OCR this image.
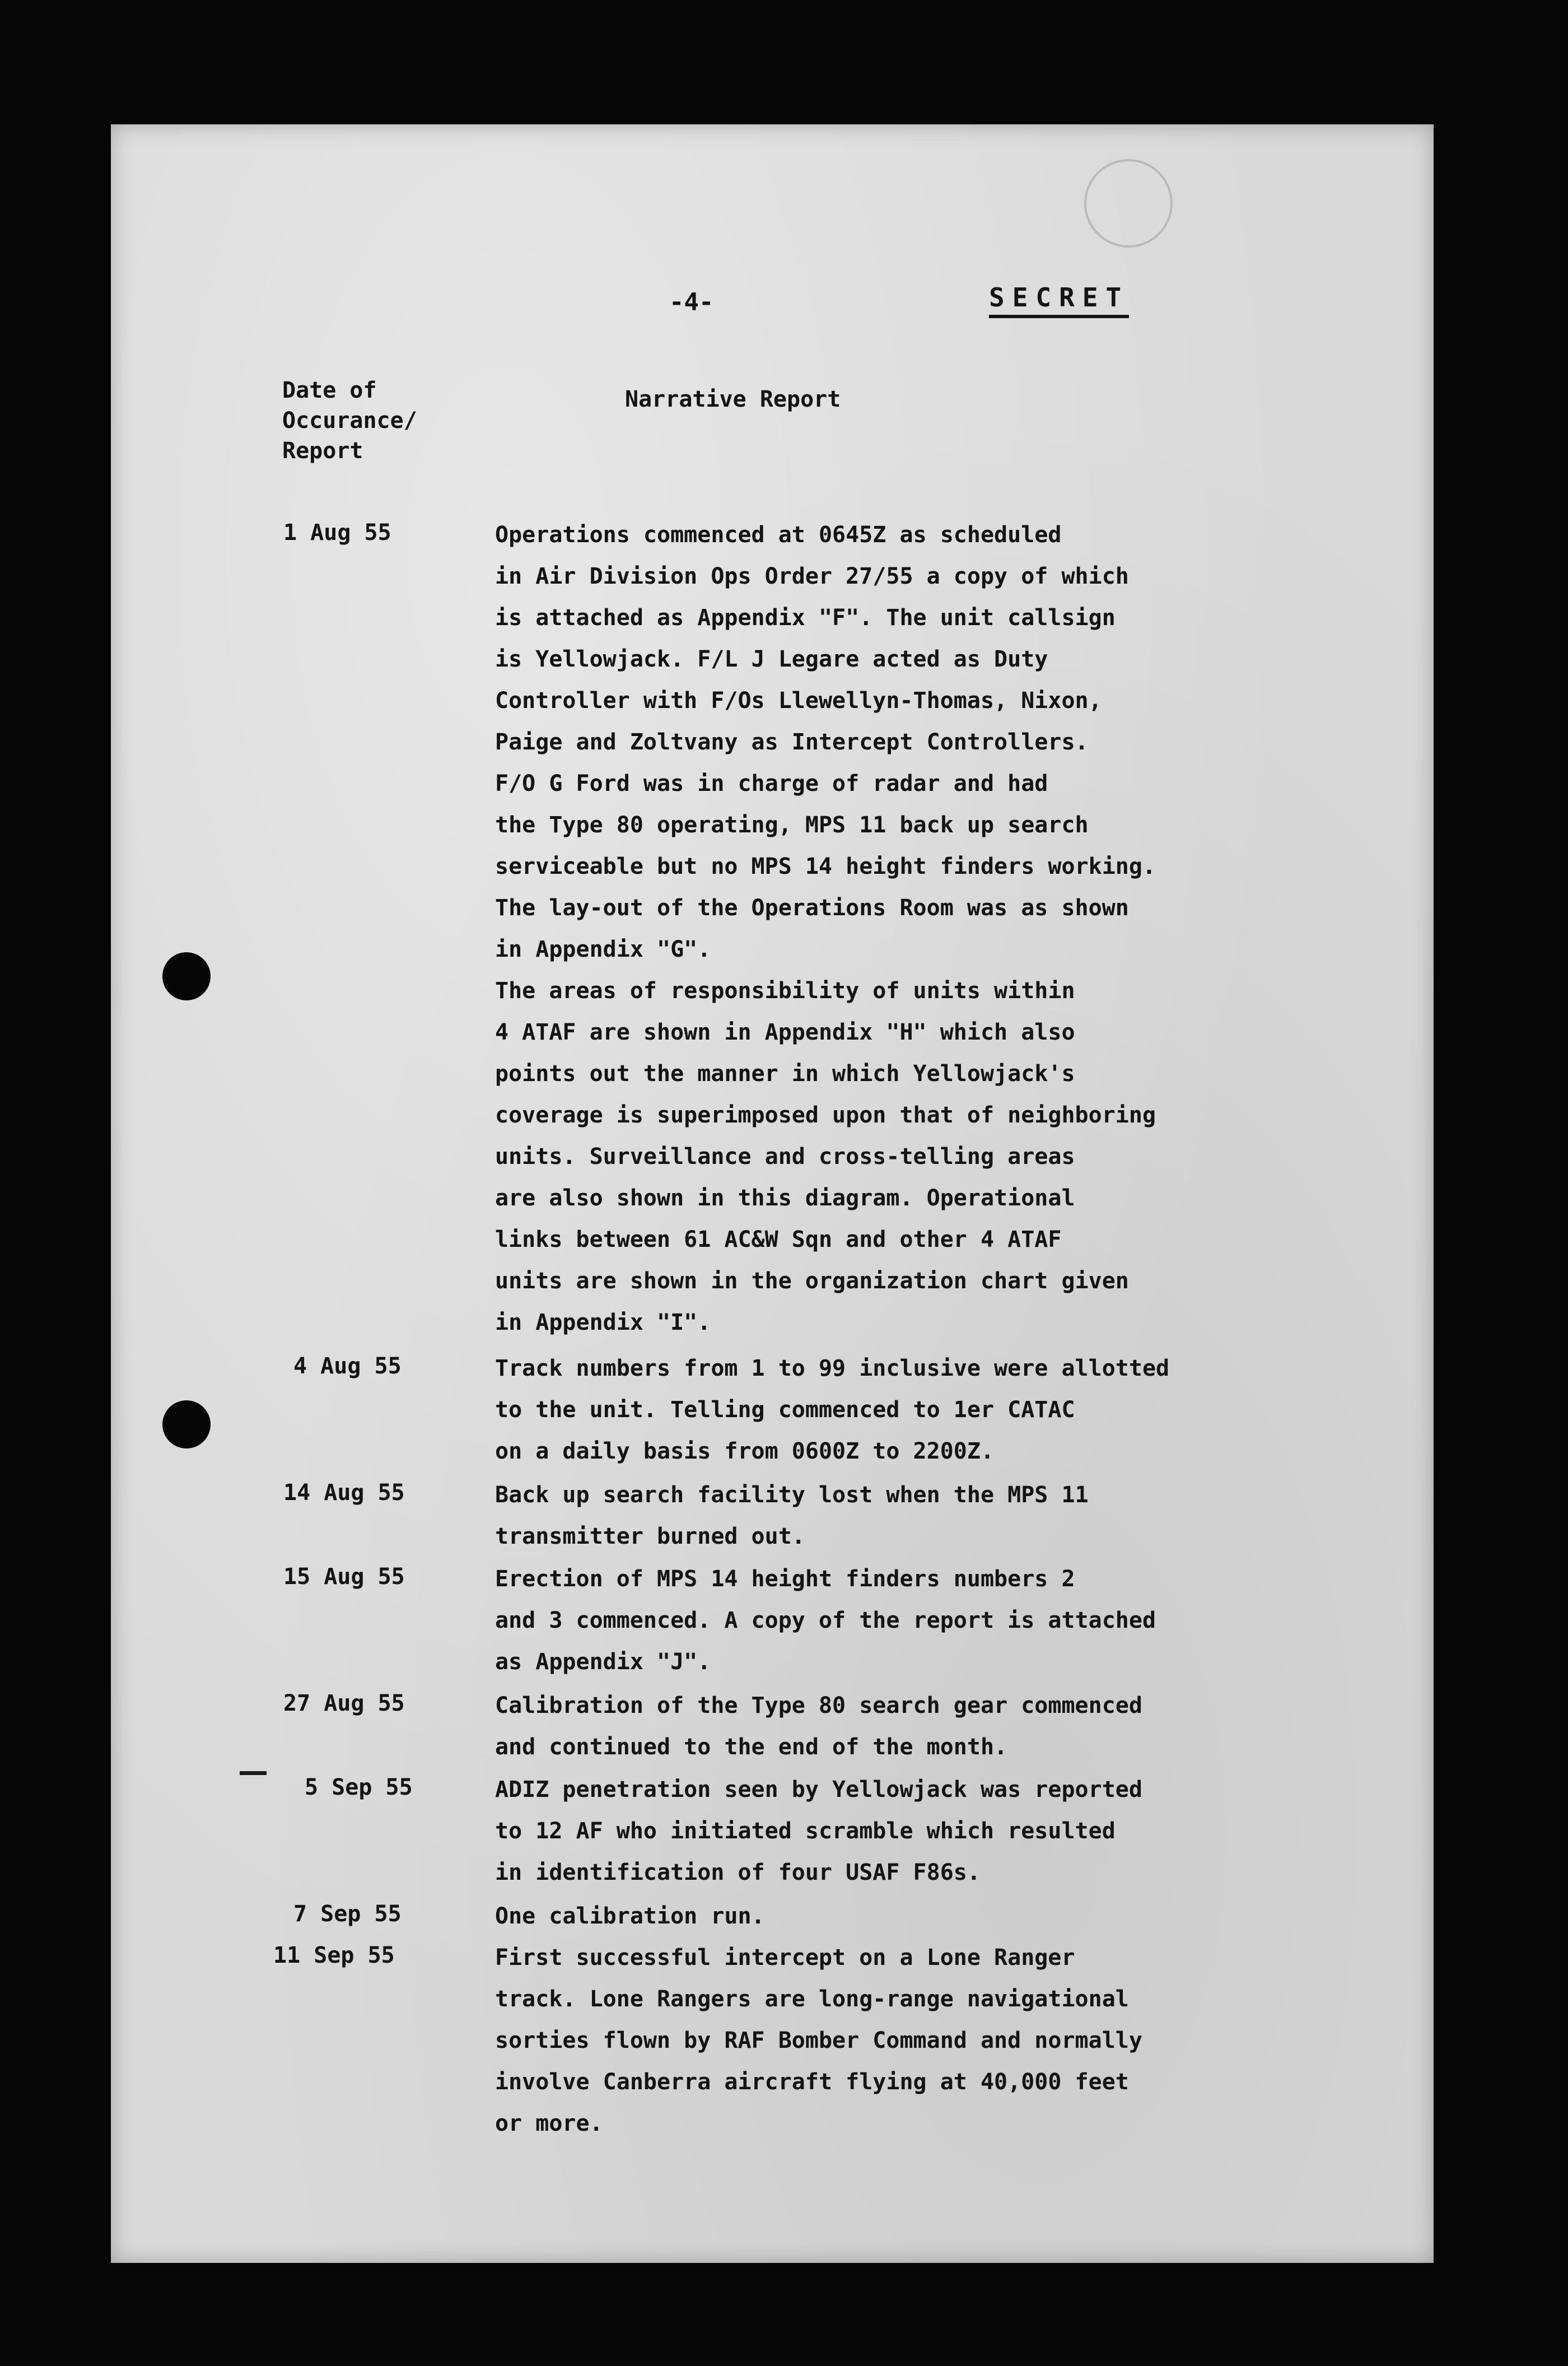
-4-	SECRET
Date of
Occurance/
Report
Narrative Report
1 Aug 55	Operations commenced at 0645Z as scheduled
in Air Division Ops Order 27/55 a copy of which
is attached as Appendix "F". The unit callsign
is Yellowjack. F/L J Legare acted as Duty
Controller with F/Os Llewellyn-Thomas, Nixon,
Paige and Zoltvany as Intercept Controllers.
F/O G Ford was in charge of radar and had
the Type 80 operating, MPS 11 back up search
serviceable but no MPS 14 height finders working.
The lay-out of the Operations Room was as shown
in Appendix "G".
The areas of responsibility of units within
4 ATAF are shown in Appendix "H" which also
points out the manner in which Yellowjack's
coverage is superimposed upon that of neighboring
units. Surveillance and cross-telling areas
are also shown in this diagram. Operational
links between 61 AC&W Sqn and other 4 ATAF
units are shown in the organization chart given
in Appendix "I".
4 Aug 55	Track numbers from 1 to 99 inclusive were allotted
to the unit. Telling commenced to 1er CATAC
on a daily basis from 0600Z to 2200Z.
14 Aug 55	Back up search facility lost when the MPS 11
transmitter burned out.
15 Aug 55	Erection of MPS 14 height finders numbers 2
and 3 commenced. A copy of the report is attached
as Appendix "J".
27 Aug 55	Calibration of the Type 80 search gear commenced
and continued to the end of the month.
5 Sep 55	ADIZ penetration seen by Yellowjack was reported
to 12 AF who initiated scramble which resulted
in identification of four USAF F86s.
7 Sep 55	One calibration run.
11 Sep 55	First successful intercept on a Lone Ranger
track. Lone Rangers are long-range navigational
sorties flown by RAF Bomber Command and normally
involve Canberra aircraft flying at 40,000 feet
or more.
